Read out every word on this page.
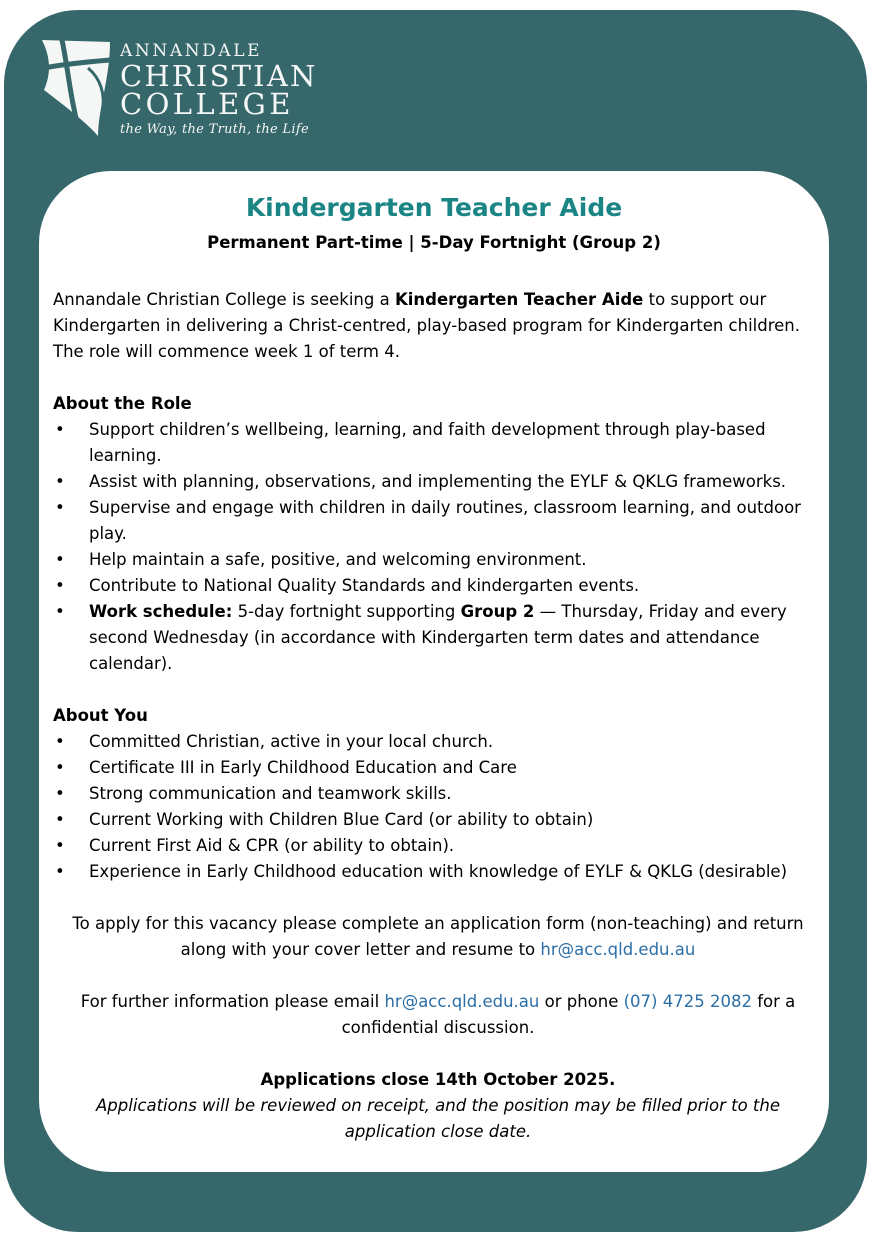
ANNANDALE
CHRISTIAN
COLLEGE
the Way, the Truth, the Life
Kindergarten Teacher Aide
Permanent Part-time | 5-Day Fortnight (Group 2)

Annandale Christian College is seeking a Kindergarten Teacher Aide to support our Kindergarten in delivering a Christ-centred, play-based program for Kindergarten children. The role will commence week 1 of term 4.

About the Role

• Support children’s wellbeing, learning, and faith development through play-based learning.
• Assist with planning, observations, and implementing the EYLF & QKLG frameworks.
• Supervise and engage with children in daily routines, classroom learning, and outdoor play.
• Help maintain a safe, positive, and welcoming environment.
• Contribute to National Quality Standards and kindergarten events.
• Work schedule: 5-day fortnight supporting Group 2 — Thursday, Friday and every second Wednesday (in accordance with Kindergarten term dates and attendance calendar).

About You

• Committed Christian, active in your local church.
• Certificate III in Early Childhood Education and Care
• Strong communication and teamwork skills.
• Current Working with Children Blue Card (or ability to obtain)
• Current First Aid & CPR (or ability to obtain).
• Experience in Early Childhood education with knowledge of EYLF & QKLG (desirable)

To apply for this vacancy please complete an application form (non-teaching) and return along with your cover letter and resume to hr@acc.qld.edu.au

For further information please email hr@acc.qld.edu.au or phone (07) 4725 2082 for a confidential discussion.

Applications close 14th October 2025.
Applications will be reviewed on receipt, and the position may be filled prior to the application close date.
